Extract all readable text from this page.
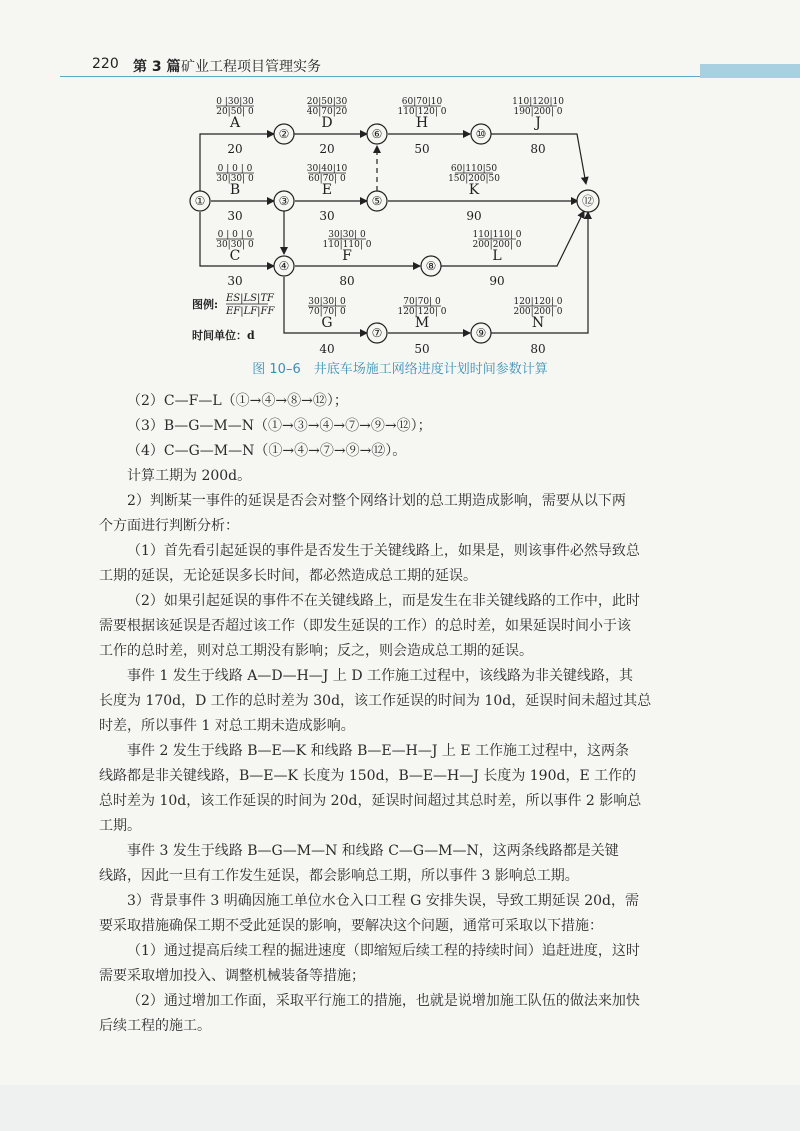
220 第 3 篇 矿业工程项目管理实务
①
②
③
④
⑤
⑥
⑦
⑧
⑨
⑩
⑫
0 |30|30
20|50| 0
A
20
20|50|30
40|70|20
D
20
60|70|10
110|120| 0
H
50
110|120|10
190|200| 0
J
80
0 | 0 | 0
30|30| 0
B
30
30|40|10
60|70| 0
E
30
60|110|50
150|200|50
K
90
0 | 0 | 0
30|30| 0
C
30
30|30| 0
110|110| 0
F
80
110|110| 0
200|200| 0
L
90
30|30| 0
70|70| 0
G
40
70|70| 0
120|120| 0
M
50
120|120| 0
200|200| 0
N
80
图例: ES|LS|TF
EF|LF|FF
时间单位：d
图 10–6　井底车场施工网络进度计划时间参数计算
（2）C—F—L（①→④→⑧→⑫）；
（3）B—G—M—N（①→③→④→⑦→⑨→⑫）；
（4）C—G—M—N（①→④→⑦→⑨→⑫）。
计算工期为 200d。
2）判断某一事件的延误是否会对整个网络计划的总工期造成影响，需要从以下两
个方面进行判断分析：
（1）首先看引起延误的事件是否发生于关键线路上，如果是，则该事件必然导致总
工期的延误，无论延误多长时间，都必然造成总工期的延误。
（2）如果引起延误的事件不在关键线路上，而是发生在非关键线路的工作中，此时
需要根据该延误是否超过该工作（即发生延误的工作）的总时差，如果延误时间小于该
工作的总时差，则对总工期没有影响；反之，则会造成总工期的延误。
事件 1 发生于线路 A—D—H—J 上 D 工作施工过程中，该线路为非关键线路，其
长度为 170d，D 工作的总时差为 30d，该工作延误的时间为 10d，延误时间未超过其总
时差，所以事件 1 对总工期未造成影响。
事件 2 发生于线路 B—E—K 和线路 B—E—H—J 上 E 工作施工过程中，这两条
线路都是非关键线路，B—E—K 长度为 150d，B—E—H—J 长度为 190d，E 工作的
总时差为 10d，该工作延误的时间为 20d，延误时间超过其总时差，所以事件 2 影响总
工期。
事件 3 发生于线路 B—G—M—N 和线路 C—G—M—N，这两条线路都是关键
线路，因此一旦有工作发生延误，都会影响总工期，所以事件 3 影响总工期。
3）背景事件 3 明确因施工单位水仓入口工程 G 安排失误，导致工期延误 20d，需
要采取措施确保工期不受此延误的影响，要解决这个问题，通常可采取以下措施：
（1）通过提高后续工程的掘进速度（即缩短后续工程的持续时间）追赶进度，这时
需要采取增加投入、调整机械装备等措施；
（2）通过增加工作面，采取平行施工的措施，也就是说增加施工队伍的做法来加快
后续工程的施工。
